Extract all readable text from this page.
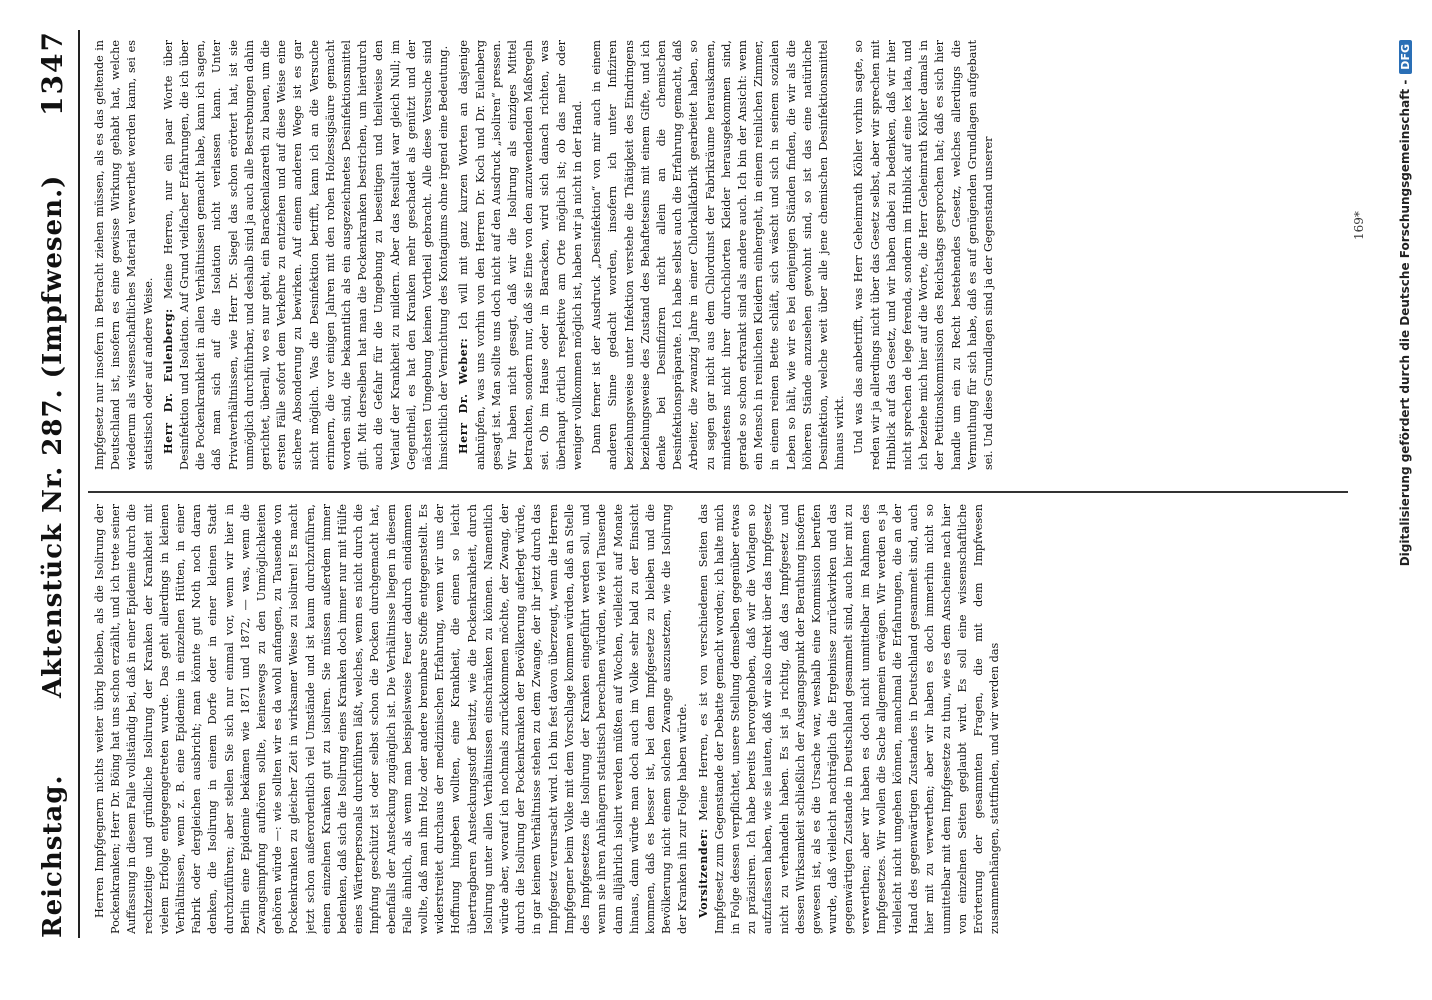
Reichstag.
Aktenstück Nr. 287. (Impfwesen.)
1347

Herren Impfgegnern nichts weiter übrig bleiben, als die Isolirung der Pockenkranken; Herr Dr. Böing hat uns schon erzählt, und ich trete seiner Auffassung in diesem Falle vollständig bei, daß in einer Epidemie durch die rechtzeitige und gründliche Isolirung der Kranken der Krankheit mit vielem Erfolge entgegengetreten wurde. Das geht allerdings in kleinen Verhältnissen, wenn z. B. eine Epidemie in einzelnen Hütten, in einer Fabrik oder dergleichen ausbricht; man könnte gut Noth noch daran denken, die Isolirung in einem Dorfe oder in einer kleinen Stadt durchzuführen; aber stellen Sie sich nur einmal vor, wenn wir hier in Berlin eine Epidemie bekämen wie 1871 und 1872, — was, wenn die Zwangsimpfung aufhören sollte, keineswegs zu den Unmöglichkeiten gehören würde —: wie sollten wir es da wohl anfangen, zu Tausende von Pockenkranken zu gleicher Zeit in wirksamer Weise zu isoliren! Es macht jetzt schon außerordentlich viel Umstände und ist kaum durchzuführen, einen einzelnen Kranken gut zu isoliren. Sie müssen außerdem immer bedenken, daß sich die Isolirung eines Kranken doch immer nur mit Hülfe eines Wärterpersonals durchführen läßt, welches, wenn es nicht durch die Impfung geschützt ist oder selbst schon die Pocken durchgemacht hat, ebenfalls der Ansteckung zugänglich ist. Die Verhältnisse liegen in diesem Falle ähnlich, als wenn man beispielsweise Feuer dadurch eindämmen wollte, daß man ihm Holz oder andere brennbare Stoffe entgegenstellt. Es widerstreitet durchaus der medizinischen Erfahrung, wenn wir uns der Hoffnung hingeben wollten, eine Krankheit, die einen so leicht übertragbaren Ansteckungsstoff besitzt, wie die Pockenkrankheit, durch Isolirung unter allen Verhältnissen einschränken zu können. Namentlich würde aber, worauf ich nochmals zurückkommen möchte, der Zwang, der durch die Isolirung der Pockenkranken der Bevölkerung auferlegt würde, in gar keinem Verhältnisse stehen zu dem Zwange, der ihr jetzt durch das Impfgesetz verursacht wird. Ich bin fest davon überzeugt, wenn die Herren Impfgegner beim Volke mit dem Vorschlage kommen würden, daß an Stelle des Impfgesetzes die Isolirung der Kranken eingeführt werden soll, und wenn sie ihren Anhängern statistisch berechnen würden, wie viel Tausende dann alljährlich isolirt werden müßten auf Wochen, vielleicht auf Monate hinaus, dann würde man doch auch im Volke sehr bald zu der Einsicht kommen, daß es besser ist, bei dem Impfgesetze zu bleiben und die Bevölkerung nicht einem solchen Zwange auszusetzen, wie die Isolirung der Kranken ihn zur Folge haben würde. Vorsitzender: Meine Herren, es ist von verschiedenen Seiten das Impfgesetz zum Gegenstande der Debatte gemacht worden; ich halte mich in Folge dessen verpflichtet, unsere Stellung demselben gegenüber etwas zu präzisiren. Ich habe bereits hervorgehoben, daß wir die Vorlagen so aufzufassen haben, wie sie lauten, daß wir also direkt über das Impfgesetz nicht zu verhandeln haben. Es ist ja richtig, daß das Impfgesetz und dessen Wirksamkeit schließlich der Ausgangspunkt der Berathung insofern gewesen ist, als es die Ursache war, weshalb eine Kommission berufen wurde, daß vielleicht nachträglich die Ergebnisse zurückwirken und das gegenwärtigen Zustande in Deutschland gesammelt sind, auch hier mit zu verwerthen; aber wir haben es doch nicht unmittelbar im Rahmen des Impfgesetzes. Wir wollen die Sache allgemein erwägen. Wir werden es ja vielleicht nicht umgehen können, manchmal die Erfahrungen, die an der Hand des gegenwärtigen Zustandes in Deutschland gesammelt sind, auch hier mit zu verwerthen; aber wir haben es doch immerhin nicht so unmittelbar mit dem Impfgesetze zu thun, wie es dem Anscheine nach hier von einzelnen Seiten geglaubt wird. Es soll eine wissenschaftliche Erörterung der gesammten Fragen, die mit dem Impfwesen zusammenhängen, stattfinden, und wir werden das

Impfgesetz nur insofern in Betracht ziehen müssen, als es das geltende in Deutschland ist, insofern es eine gewisse Wirkung gehabt hat, welche wiederum als wissenschaftliches Material verwerthet werden kann, sei es statistisch oder auf andere Weise. Herr Dr. Eulenberg: Meine Herren, nur ein paar Worte über Desinfektion und Isolation. Auf Grund vielfacher Erfahrungen, die ich über die Pockenkrankheit in allen Verhältnissen gemacht habe, kann ich sagen, daß man sich auf die Isolation nicht verlassen kann. Unter Privatverhältnissen, wie Herr Dr. Siegel das schon erörtert hat, ist sie unmöglich durchführbar, und deshalb sind ja auch alle Bestrebungen dahin gerichtet, überall, wo es nur geht, ein Barackenlazareth zu bauen, um die ersten Fälle sofort dem Verkehre zu entziehen und auf diese Weise eine sichere Absonderung zu bewirken. Auf einem anderen Wege ist es gar nicht möglich. Was die Desinfektion betrifft, kann ich an die Versuche erinnern, die vor einigen Jahren mit den rohen Holzessigsäure gemacht worden sind, die bekanntlich als ein ausgezeichnetes Desinfektionsmittel gilt. Mit derselben hat man die Pockenkranken bestrichen, um hierdurch auch die Gefahr für die Umgebung zu beseitigen und theilweise den Verlauf der Krankheit zu mildern. Aber das Resultat war gleich Null; im Gegentheil, es hat den Kranken mehr geschadet als genützt und der nächsten Umgebung keinen Vortheil gebracht. Alle diese Versuche sind hinsichtlich der Vernichtung des Kontagiums ohne irgend eine Bedeutung. Herr Dr. Weber: Ich will mit ganz kurzen Worten an dasjenige anknüpfen, was uns vorhin von den Herren Dr. Koch und Dr. Eulenberg gesagt ist. Man sollte uns doch nicht auf den Ausdruck „isoliren“ pressen. Wir haben nicht gesagt, daß wir die Isolirung als einziges Mittel betrachten, sondern nur, daß sie Eine von den anzuwendenden Maßregeln sei. Ob im Hause oder in Baracken, wird sich danach richten, was überhaupt örtlich respektive am Orte möglich ist; ob das mehr oder weniger vollkommen möglich ist, haben wir ja nicht in der Hand. Dann ferner ist der Ausdruck „Desinfektion“ von mir auch in einem anderen Sinne gedacht worden, insofern ich unter Infiziren beziehungsweise unter Infektion verstehe die Thätigkeit des Eindringens beziehungsweise des Zustand des Behaftetseins mit einem Gifte, und ich denke bei Desinfiziren nicht allein an die chemischen Desinfektionspräparate. Ich habe selbst auch die Erfahrung gemacht, daß Arbeiter, die zwanzig Jahre in einer Chlorkalkfabrik gearbeitet haben, so zu sagen gar nicht aus dem Chlordunst der Fabrikräume herauskamen, mindestens nicht ihrer durchchlorten Kleider herausgekommen sind, gerade so schon erkrankt sind als andere auch. Ich bin der Ansicht: wenn ein Mensch in reinlichen Kleidern einhergeht, in einem reinlichen Zimmer, in einem reinen Bette schläft, sich wäscht und sich in seinem sozialen Leben so hält, wie wir es bei denjenigen Ständen finden, die wir als die höheren Stände anzusehen gewohnt sind, so ist das eine natürliche Desinfektion, welche weit über alle jene chemischen Desinfektionsmittel hinaus wirkt. Und was das anbetrifft, was Herr Geheimrath Köhler vorhin sagte, so reden wir ja allerdings nicht über das Gesetz selbst, aber wir sprechen mit Hinblick auf das Gesetz, und wir haben dabei zu bedenken, daß wir hier nicht sprechen de lege ferenda, sondern im Hinblick auf eine lex lata, und ich beziehe mich hier auf die Worte, die Herr Geheimrath Köhler damals in der Petitionskommission des Reichstags gesprochen hat; daß es sich hier handle um ein zu Recht bestehendes Gesetz, welches allerdings die Vermuthung für sich habe, daß es auf genügenden Grundlagen aufgebaut sei. Und diese Grundlagen sind ja der Gegenstand unserer	169*	Digitalisierung gefördert durch die Deutsche Forschungsgemeinschaft -DFG
